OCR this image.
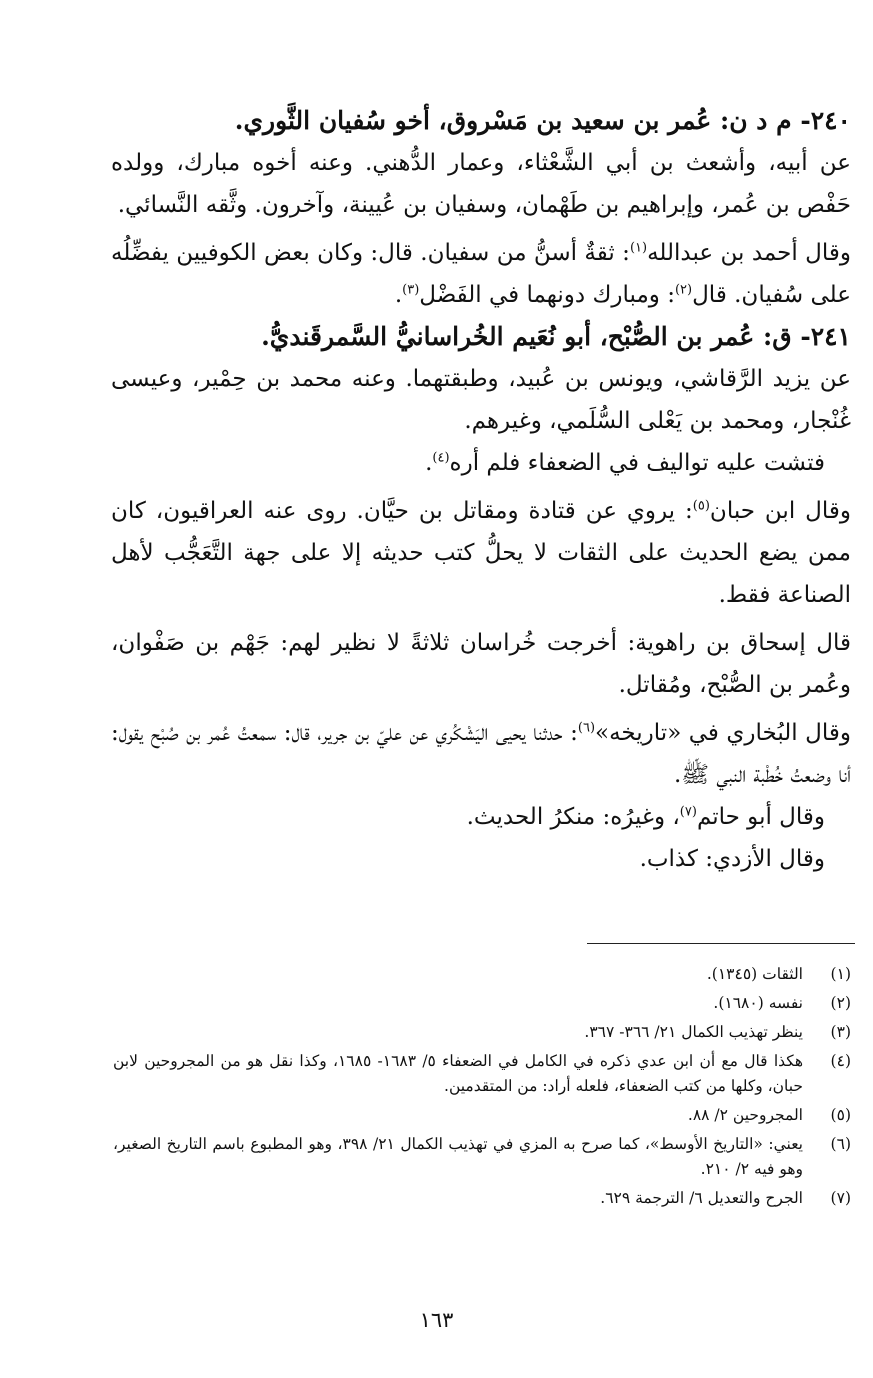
٢٤٠- م د ن: عُمر بن سعيد بن مَسْروق، أخو سُفيان الثَّوري.

عن أبيه، وأشعث بن أبي الشَّعْثاء، وعمار الدُّهني. وعنه أخوه مبارك، وولده حَفْص بن عُمر، وإبراهيم بن طَهْمان، وسفيان بن عُيينة، وآخرون. وثَّقه النَّسائي.

وقال أحمد بن عبدالله$^{(١)}$: ثقةٌ أسنُّ من سفيان. قال: وكان بعض الكوفيين يفضِّلُه على سُفيان. قال$^{(٢)}$: ومبارك دونهما في الفَضْل$^{(٣)}$.

٢٤١- ق: عُمر بن الصُّبْح، أبو نُعَيم الخُراسانيُّ السَّمرقَنديُّ.

عن يزيد الرَّقاشي، ويونس بن عُبيد، وطبقتهما. وعنه محمد بن حِمْير، وعيسى غُنْجار، ومحمد بن يَعْلى السُّلَمي، وغيرهم.

فتشت عليه تواليف في الضعفاء فلم أره$^{(٤)}$.

وقال ابن حبان$^{(٥)}$: يروي عن قتادة ومقاتل بن حيَّان. روى عنه العراقيون، كان ممن يضع الحديث على الثقات لا يحلُّ كتب حديثه إلا على جهة التَّعَجُّب لأهل الصناعة فقط.

قال إسحاق بن راهوية: أخرجت خُراسان ثلاثةً لا نظير لهم: جَهْم بن صَفْوان، وعُمر بن الصُّبْح، ومُقاتل.

وقال البُخاري في «تاريخه»$^{(٦)}$: حدثنا يحيى اليَشْكُري عن عليّ بن جرير، قال: سمعتُ عُمر بن صُبْح يقول: أنا وضعتُ خُطْبة النبي ﷺ.

وقال أبو حاتم$^{(٧)}$، وغيرُه: منكرُ الحديث.

وقال الأزدي: كذاب.

(١)
الثقات (١٣٤٥).
(٢)
نفسه (١٦٨٠).
(٣)
ينظر تهذيب الكمال ٢١/ ٣٦٦- ٣٦٧.
(٤)
هكذا قال مع أن ابن عدي ذكره في الكامل في الضعفاء ٥/ ١٦٨٣- ١٦٨٥، وكذا نقل هو من المجروحين لابن حبان، وكلها من كتب الضعفاء، فلعله أراد: من المتقدمين.
(٥)
المجروحين ٢/ ٨٨.
(٦)
يعني: «التاريخ الأوسط»، كما صرح به المزي في تهذيب الكمال ٢١/ ٣٩٨، وهو المطبوع باسم التاريخ الصغير، وهو فيه ٢/ ٢١٠.
(٧)
الجرح والتعديل ٦/ الترجمة ٦٢٩.
١٦٣
